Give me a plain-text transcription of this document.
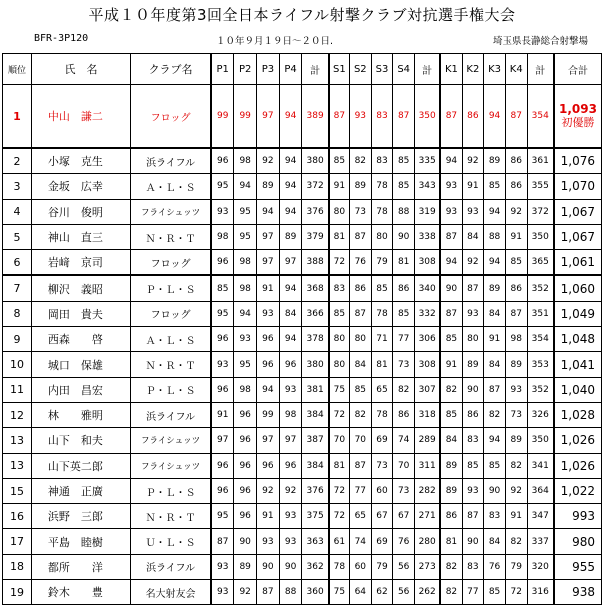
平成１０年度第3回全日本ライフル射撃クラブ対抗選手権大会
BFR-3P120	１０年９月１９日～２０日.	埼玉県長瀞総合射撃場
順位	氏　名	クラブ名	P1	P2	P3	P4	計	S1	S2	S3	S4	計	K1	K2	K3	K4	計	合計
1	中山　謙二	フロッグ	99	99	97	94	389	87	93	83	87	350	87	86	94	87	354	1,093
初優勝

2	小塚　克生	浜ライフル	96	98	92	94	380	85	82	83	85	335	94	92	89	86	361	1,076
3	金坂　広幸	Ａ・Ｌ・Ｓ	95	94	89	94	372	91	89	78	85	343	93	91	85	86	355	1,070
4	谷川　俊明	フライシュッツ	93	95	94	94	376	80	73	78	88	319	93	93	94	92	372	1,067
5	神山　直三	Ｎ・Ｒ・Ｔ	98	95	97	89	379	81	87	80	90	338	87	84	88	91	350	1,067
6	岩﨑　京司	フロッグ	96	98	97	97	388	72	76	79	81	308	94	92	94	85	365	1,061
7	柳沢　義昭	Ｐ・Ｌ・Ｓ	85	98	91	94	368	83	86	85	86	340	90	87	89	86	352	1,060
8	岡田　貴夫	フロッグ	95	94	93	84	366	85	87	78	85	332	87	93	84	87	351	1,049
9	西森　　啓	Ａ・Ｌ・Ｓ	96	93	96	94	378	80	80	71	77	306	85	80	91	98	354	1,048
10	城口　保雄	Ｎ・Ｒ・Ｔ	93	95	96	96	380	80	84	81	73	308	91	89	84	89	353	1,041
11	内田　昌宏	Ｐ・Ｌ・Ｓ	96	98	94	93	381	75	85	65	82	307	82	90	87	93	352	1,040
12	林　　雅明	浜ライフル	91	96	99	98	384	72	82	78	86	318	85	86	82	73	326	1,028
13	山下　和夫	フライシュッツ	97	96	97	97	387	70	70	69	74	289	84	83	94	89	350	1,026
13	山下英二郎	フライシュッツ	96	96	96	96	384	81	87	73	70	311	89	85	85	82	341	1,026
15	神通　正廣	Ｐ・Ｌ・Ｓ	96	96	92	92	376	72	77	60	73	282	89	93	90	92	364	1,022
16	浜野　三郎	Ｎ・Ｒ・Ｔ	95	96	91	93	375	72	65	67	67	271	86	87	83	91	347	993
17	平島　睦樹	Ｕ・Ｌ・Ｓ	87	90	93	93	363	61	74	69	76	280	81	90	84	82	337	980
18	都所　　洋	浜ライフル	93	89	90	90	362	78	60	79	56	273	82	83	76	79	320	955
19	鈴木　　豊	名大射友会	93	92	87	88	360	75	64	62	56	262	82	77	85	72	316	938
